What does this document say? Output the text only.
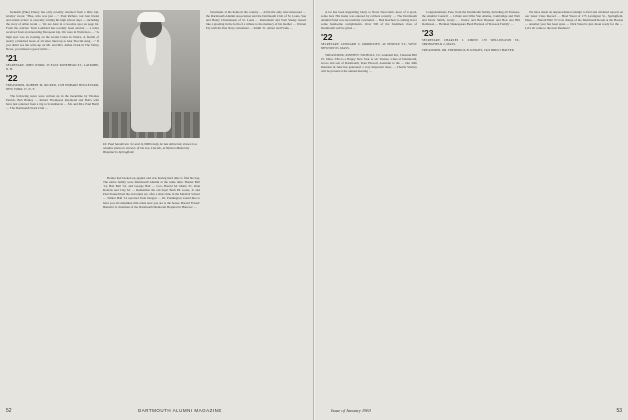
Kenneth (Pike) Emory has only recently returned from a little trip. Gladys' wrote: "Pike, who was just …". Paul Richter, 'our best friend and ardent writer,' is currently writing his high school days — including the story of Albie Grant … We are Alex in a two-line spot on page 62. From the articles: Tuck Lombard has recently been elected … a letter received from an interesting European trip. We were in Wolfeboro … "A high spot was an evening on the Grand Canal in Venice. A flotilla of nearly a hundred boats of all sizes lined up to hear Puccini sung …" If you didn't see the write-up on Mr. and Mrs. Alden Clark in The Valley News, you missed a good article …

'21
SECRETARY, JOHN WORD, 33 EAST ROSEHEAD ST., LATROBE, N. H.
'22
TREASURER, ROBERT M. RICKER, 2728 HOBART BOULEVARD, NEW YORK 17, N. Y.

The following notes were written up in the meantime by Thomas Patrick. Bob Hanley … Robert Thompson Raymond and Bob's wife have just returned from a trip to Scandinavia … Mr. and Mrs. Paul Berth … The Dartmouth Stork Club …

Dr. Paul Sanderson '21 and 11,000th baby he has delivered, shown in a window photo in nursery of his son, Lincoln, at Weston Maternity Hospital in Springfield.

Homer had backed up against and was having hard time to find his bag. The entire family were Dartmouth Alumni at the same time: Homer Ball '14, Bob Ball '16, and George Ball … Cox, Harold M. Mann '21, Dale Roberts and Clay M. … Remember the old days! Both Ph. Gates, Jr. and Paul Stansell had the old tennis set, after a short time in the Medical School … Winter Ball '14 reported from Oregon … Dr. Pennington would like to have you all remember him when next you are at the house. Harold 'Ernest' Benedict is chairman of the Dartmouth Memorial Hospital in Hanover …

Tecumseh, at the home in the country … Alvin the only ones interested … the Dartmouth Alumni Association and the Dartmouth Club of St. Louis, Sue and Henry Christiansen of St. Louis … Retirement and Tom Snaley issued like a greeting in the form of a tribute to the memory of his mother … Warren Ely with his fine Navy retirement … Smith '11, Albert and Frank …

52	DARTMOUTH ALUMNI MAGAZINE

A lot has been happening lately to News Newcomb, most of it good, some bad. His home was entered by robbers recently … The Dartmouth Alumni Fund was successfully concluded … Bud Reichert is coming in for some handsome compliments. Over 500 of the freshmen class of Dartmouth will be given …

'22
SECRETARY, LEONARD S. MORRISSEY, 40 MYRTLE ST., WEST NEWTON 65, MASS.

TREASURER, JOSEPH F. NICHOLS, 151 Grundell Rd., Chestnut Hill 67, Mass. This is a Happy New Year to all. Trustee, Class of Dartmouth, Grace and son of Dartmouth, Peter Howell, Assistant to the … Our 40th Reunion in June has generated a very important issue … Charlie Starkey will be present at the annual meeting …

Congratulations, Pete, from the Dartmouth family, including all Trustees, the Alumni Council … Lillian and Ollie Van Alstine, Cambridge and Walt and Doris Smith, lovely … Nancy and Bob Hausser and Bob and Bill Robinson … Herman Shakespeare Basil Hartson of 'Rawson Family' …

'23
SECRETARY, CHARLES J. ZIMNY, 170 WELLINGTON ST., SPRINGFIELD 2, MASS.
TREASURER, DR. FREDERICK B. KNIGHT, 1922 BIRD CHATTER

We have made an unprecedented attempt to find and obtained reports on our latest Class Record … Brad Weed of 175 Lexington St., Springfield, Mass. … Harold Hutt '27 is in charge of the Dartmouth Room at the Boston … Another year has been gone … Dick Weed is just about ready for the … Let's all come to the next Reunion!

Issue of January 1963	53
